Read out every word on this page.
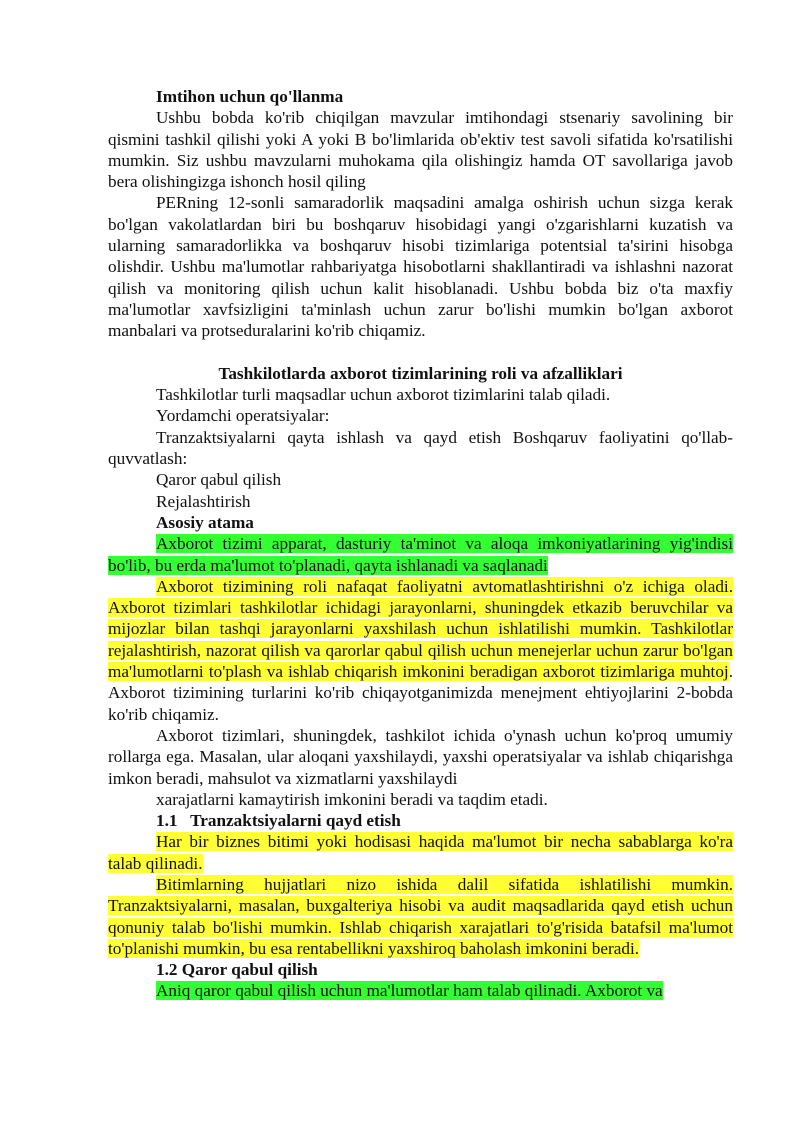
Imtihon uchun qo'llanma

Ushbu bobda ko'rib chiqilgan mavzular imtihondagi stsenariy savolining bir qismini tashkil qilishi yoki A yoki B bo'limlarida ob'ektiv test savoli sifatida ko'rsatilishi mumkin. Siz ushbu mavzularni muhokama qila olishingiz hamda OT savollariga javob bera olishingizga ishonch hosil qiling

PERning 12-sonli samaradorlik maqsadini amalga oshirish uchun sizga kerak bo'lgan vakolatlardan biri bu boshqaruv hisobidagi yangi o'zgarishlarni kuzatish va ularning samaradorlikka va boshqaruv hisobi tizimlariga potentsial ta'sirini hisobga olishdir. Ushbu ma'lumotlar rahbariyatga hisobotlarni shakllantiradi va ishlashni nazorat qilish va monitoring qilish uchun kalit hisoblanadi. Ushbu bobda biz o'ta maxfiy ma'lumotlar xavfsizligini ta'minlash uchun zarur bo'lishi mumkin bo'lgan axborot manbalari va protseduralarini ko'rib chiqamiz.

Tashkilotlarda axborot tizimlarining roli va afzalliklari

Tashkilotlar turli maqsadlar uchun axborot tizimlarini talab qiladi.

Yordamchi operatsiyalar:

Tranzaktsiyalarni qayta ishlash va qayd etish Boshqaruv faoliyatini qo'llab-quvvatlash:

Qaror qabul qilish

Rejalashtirish

Asosiy atama

Axborot tizimi apparat, dasturiy ta'minot va aloqa imkoniyatlarining yig'indisi bo'lib, bu erda ma'lumot to'planadi, qayta ishlanadi va saqlanadi

Axborot tizimining roli nafaqat faoliyatni avtomatlashtirishni o'z ichiga oladi. Axborot tizimlari tashkilotlar ichidagi jarayonlarni, shuningdek etkazib beruvchilar va mijozlar bilan tashqi jarayonlarni yaxshilash uchun ishlatilishi mumkin. Tashkilotlar rejalashtirish, nazorat qilish va qarorlar qabul qilish uchun menejerlar uchun zarur bo'lgan ma'lumotlarni to'plash va ishlab chiqarish imkonini beradigan axborot tizimlariga muhtoj. Axborot tizimining turlarini ko'rib chiqayotganimizda menejment ehtiyojlarini 2-bobda ko'rib chiqamiz.

Axborot tizimlari, shuningdek, tashkilot ichida o'ynash uchun ko'proq umumiy rollarga ega. Masalan, ular aloqani yaxshilaydi, yaxshi operatsiyalar va ishlab chiqarishga imkon beradi, mahsulot va xizmatlarni yaxshilaydi

xarajatlarni kamaytirish imkonini beradi va taqdim etadi.

1.1   Tranzaktsiyalarni qayd etish

Har bir biznes bitimi yoki hodisasi haqida ma'lumot bir necha sabablarga ko'ra talab qilinadi.

Bitimlarning hujjatlari nizo ishida dalil sifatida ishlatilishi mumkin. Tranzaktsiyalarni, masalan, buxgalteriya hisobi va audit maqsadlarida qayd etish uchun qonuniy talab bo'lishi mumkin. Ishlab chiqarish xarajatlari to'g'risida batafsil ma'lumot to'planishi mumkin, bu esa rentabellikni yaxshiroq baholash imkonini beradi.

1.2 Qaror qabul qilish

Aniq qaror qabul qilish uchun ma'lumotlar ham talab qilinadi. Axborot va
